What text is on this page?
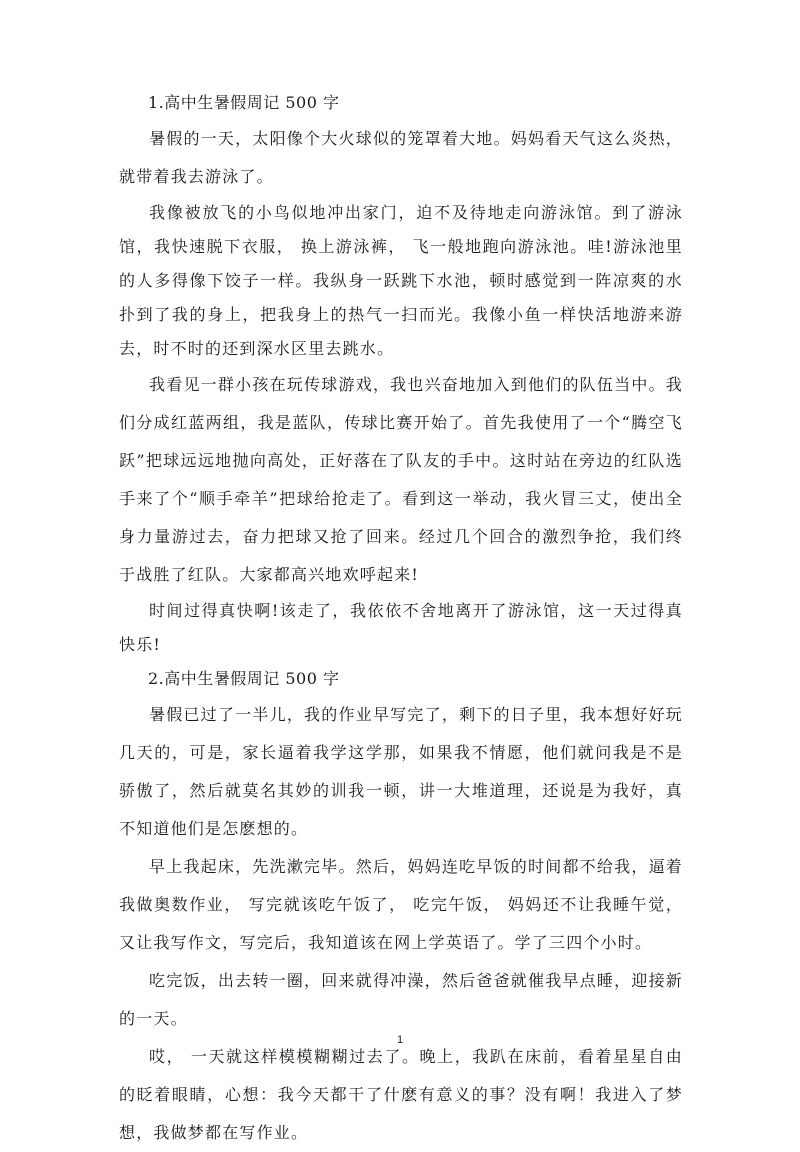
1.高中生暑假周记 500 字

暑假的一天，太阳像个大火球似的笼罩着大地。妈妈看天气这么炎热，就带着我去游泳了。

我像被放飞的小鸟似地冲出家门，迫不及待地走向游泳馆。到了游泳馆，我快速脱下衣服， 换上游泳裤， 飞一般地跑向游泳池。哇!游泳池里的人多得像下饺子一样。我纵身一跃跳下水池，顿时感觉到一阵凉爽的水扑到了我的身上，把我身上的热气一扫而光。我像小鱼一样快活地游来游去，时不时的还到深水区里去跳水。

我看见一群小孩在玩传球游戏，我也兴奋地加入到他们的队伍当中。我们分成红蓝两组，我是蓝队，传球比赛开始了。首先我使用了一个“腾空飞跃”把球远远地抛向高处，正好落在了队友的手中。这时站在旁边的红队选手来了个“顺手牵羊”把球给抢走了。看到这一举动，我火冒三丈，使出全身力量游过去，奋力把球又抢了回来。经过几个回合的激烈争抢，我们终于战胜了红队。大家都高兴地欢呼起来!

时间过得真快啊!该走了，我依依不舍地离开了游泳馆，这一天过得真快乐!

2.高中生暑假周记 500 字

暑假已过了一半儿，我的作业早写完了，剩下的日子里，我本想好好玩几天的，可是，家长逼着我学这学那，如果我不情愿，他们就问我是不是骄傲了，然后就莫名其妙的训我一顿，讲一大堆道理，还说是为我好，真不知道他们是怎麽想的。

早上我起床，先洗漱完毕。然后，妈妈连吃早饭的时间都不给我，逼着我做奥数作业， 写完就该吃午饭了， 吃完午饭， 妈妈还不让我睡午觉， 又让我写作文，写完后，我知道该在网上学英语了。学了三四个小时。

吃完饭，出去转一圈，回来就得冲澡，然后爸爸就催我早点睡，迎接新的一天。

哎， 一天就这样模模糊糊过去了。晚上，我趴在床前，看着星星自由的眨着眼睛，心想：我今天都干了什麽有意义的事？没有啊！我进入了梦想，我做梦都在写作业。

1
